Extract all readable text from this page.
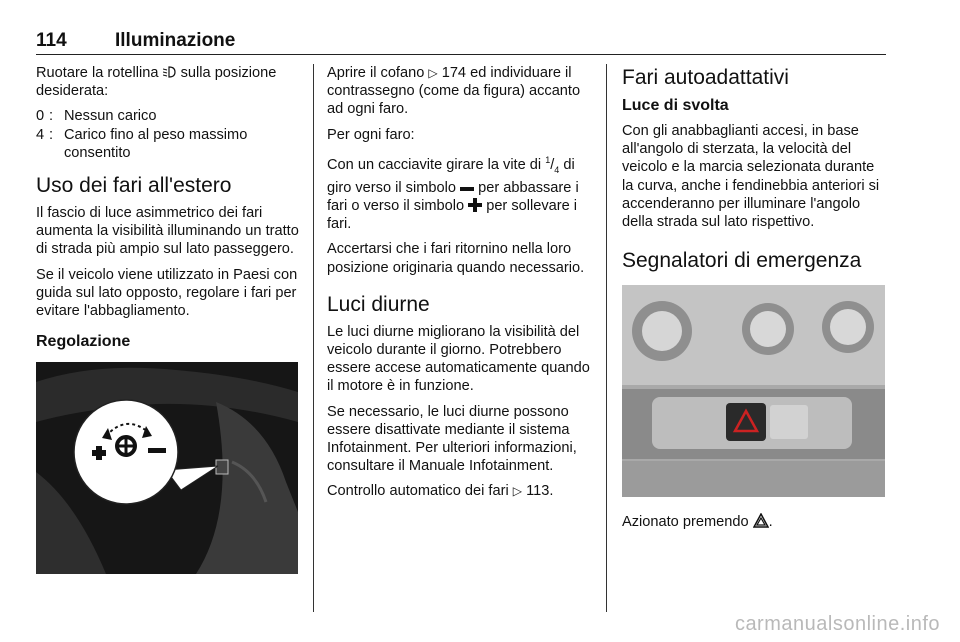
114	Illuminazione

Ruotare la rotellina sulla posizione desiderata:

0 : Nessun carico
4 : Carico fino al peso massimo consentito
Uso dei fari all'estero

Il fascio di luce asimmetrico dei fari aumenta la visibilità illuminando un tratto di strada più ampio sul lato passeggero.

Se il veicolo viene utilizzato in Paesi con guida sul lato opposto, regolare i fari per evitare l'abbagliamento.

Regolazione

Aprire il cofano ▷ 174 ed individuare il contrassegno (come da figura) accanto ad ogni faro.

Per ogni faro:

Con un cacciavite girare la vite di $^1/_4$ di giro verso il simbolo per abbassare i fari o verso il simbolo per sollevare i fari.

Accertarsi che i fari ritornino nella loro posizione originaria quando necessario.

Luci diurne

Le luci diurne migliorano la visibilità del veicolo durante il giorno. Potrebbero essere accese automaticamente quando il motore è in funzione.

Se necessario, le luci diurne possono essere disattivate mediante il sistema Infotainment. Per ulteriori informazioni, consultare il Manuale Infotainment.

Controllo automatico dei fari ▷ 113.

Fari autoadattativi
Luce di svolta

Con gli anabbaglianti accesi, in base all'angolo di sterzata, la velocità del veicolo e la marcia selezionata durante la curva, anche i fendinebbia anteriori si accenderanno per illuminare l'angolo della strada sul lato rispettivo.

Segnalatori di emergenza

Azionato premendo .

carmanualsonline.info
